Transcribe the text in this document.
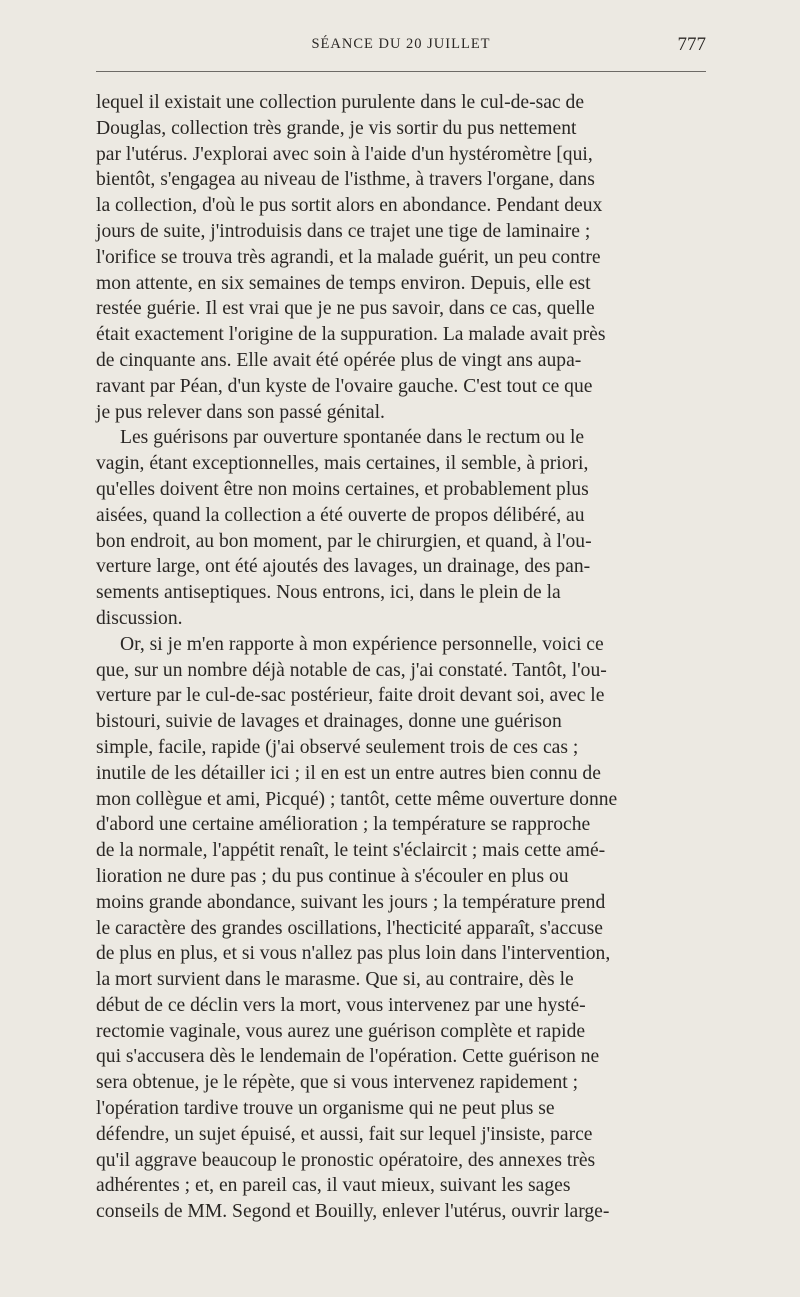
SÉANCE DU 20 JUILLET	777

lequel il existait une collection purulente dans le cul-de-sac de
Douglas, collection très grande, je vis sortir du pus nettement
par l'utérus. J'explorai avec soin à l'aide d'un hystéromètre [qui,
bientôt, s'engagea au niveau de l'isthme, à travers l'organe, dans
la collection, d'où le pus sortit alors en abondance. Pendant deux
jours de suite, j'introduisis dans ce trajet une tige de laminaire ;
l'orifice se trouva très agrandi, et la malade guérit, un peu contre
mon attente, en six semaines de temps environ. Depuis, elle est
restée guérie. Il est vrai que je ne pus savoir, dans ce cas, quelle
était exactement l'origine de la suppuration. La malade avait près
de cinquante ans. Elle avait été opérée plus de vingt ans aupa-
ravant par Péan, d'un kyste de l'ovaire gauche. C'est tout ce que
je pus relever dans son passé génital.

Les guérisons par ouverture spontanée dans le rectum ou le
vagin, étant exceptionnelles, mais certaines, il semble, à priori,
qu'elles doivent être non moins certaines, et probablement plus
aisées, quand la collection a été ouverte de propos délibéré, au
bon endroit, au bon moment, par le chirurgien, et quand, à l'ou-
verture large, ont été ajoutés des lavages, un drainage, des pan-
sements antiseptiques. Nous entrons, ici, dans le plein de la
discussion.

Or, si je m'en rapporte à mon expérience personnelle, voici ce
que, sur un nombre déjà notable de cas, j'ai constaté. Tantôt, l'ou-
verture par le cul-de-sac postérieur, faite droit devant soi, avec le
bistouri, suivie de lavages et drainages, donne une guérison
simple, facile, rapide (j'ai observé seulement trois de ces cas ;
inutile de les détailler ici ; il en est un entre autres bien connu de
mon collègue et ami, Picqué) ; tantôt, cette même ouverture donne
d'abord une certaine amélioration ; la température se rapproche
de la normale, l'appétit renaît, le teint s'éclaircit ; mais cette amé-
lioration ne dure pas ; du pus continue à s'écouler en plus ou
moins grande abondance, suivant les jours ; la température prend
le caractère des grandes oscillations, l'hecticité apparaît, s'accuse
de plus en plus, et si vous n'allez pas plus loin dans l'intervention,
la mort survient dans le marasme. Que si, au contraire, dès le
début de ce déclin vers la mort, vous intervenez par une hysté-
rectomie vaginale, vous aurez une guérison complète et rapide
qui s'accusera dès le lendemain de l'opération. Cette guérison ne
sera obtenue, je le répète, que si vous intervenez rapidement ;
l'opération tardive trouve un organisme qui ne peut plus se
défendre, un sujet épuisé, et aussi, fait sur lequel j'insiste, parce
qu'il aggrave beaucoup le pronostic opératoire, des annexes très
adhérentes ; et, en pareil cas, il vaut mieux, suivant les sages
conseils de MM. Segond et Bouilly, enlever l'utérus, ouvrir large-
